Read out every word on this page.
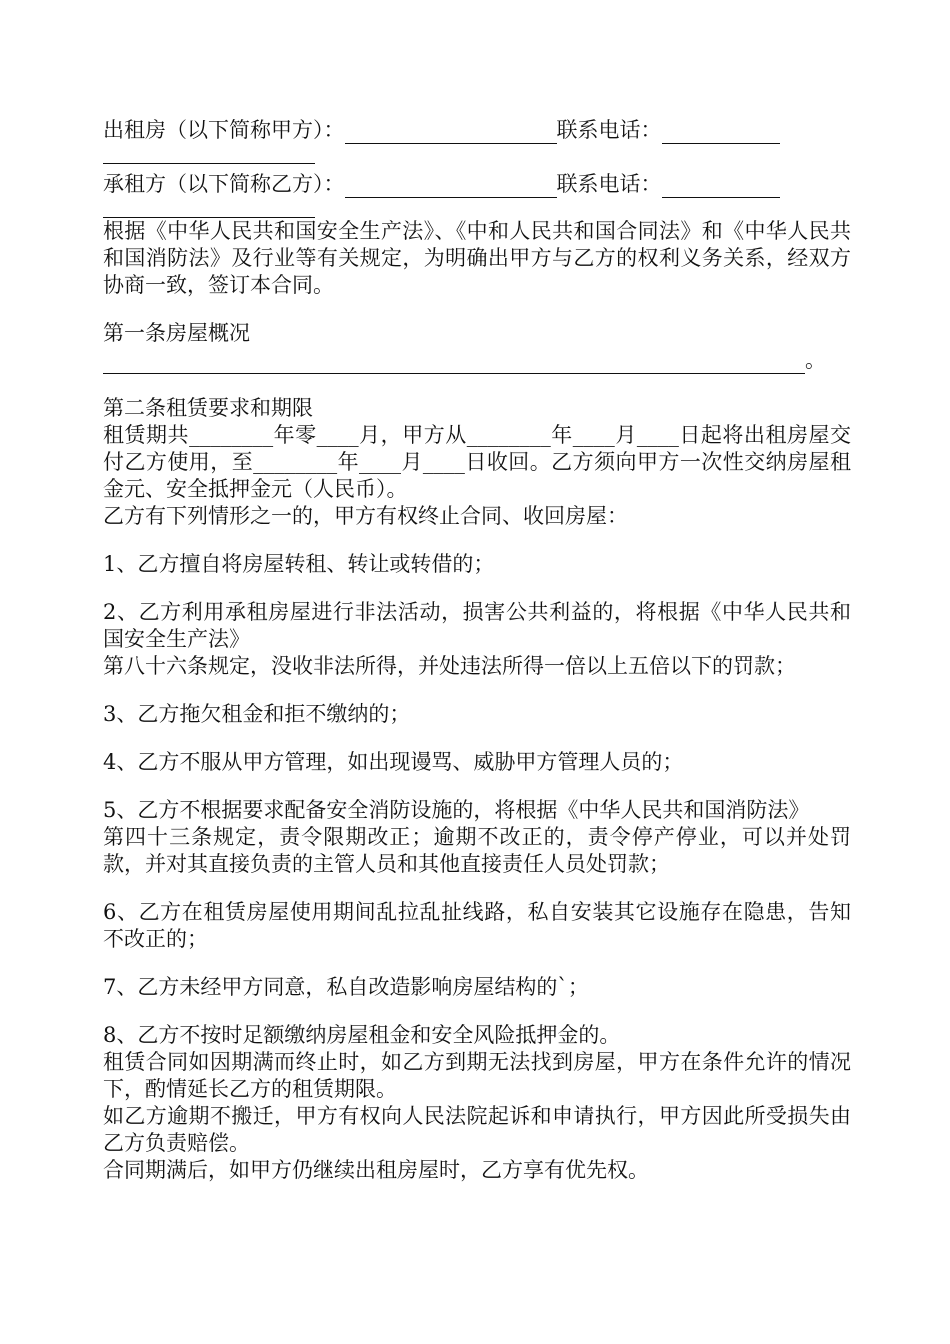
出租房（以下简称甲方）：	联系电话：
承租方（以下简称乙方）：	联系电话：

根据《中华人民共和国安全生产法》、《中和人民共和国合同法》和《中华人民共和国消防法》及行业等有关规定，为明确出甲方与乙方的权利义务关系，经双方协商一致，签订本合同。

第一条房屋概况

。

第二条租赁要求和期限

租赁期共________年零____月，甲方从________年____月____日起将出租房屋交付乙方使用，至________年____月____日收回。乙方须向甲方一次性交纳房屋租金元、安全抵押金元（人民币）。

乙方有下列情形之一的，甲方有权终止合同、收回房屋：

1、乙方擅自将房屋转租、转让或转借的；

2、乙方利用承租房屋进行非法活动，损害公共利益的，将根据《中华人民共和国安全生产法》

第八十六条规定，没收非法所得，并处违法所得一倍以上五倍以下的罚款；

3、乙方拖欠租金和拒不缴纳的；

4、乙方不服从甲方管理，如出现谩骂、威胁甲方管理人员的；

5、乙方不根据要求配备安全消防设施的，将根据《中华人民共和国消防法》

第四十三条规定，责令限期改正；逾期不改正的，责令停产停业，可以并处罚款，并对其直接负责的主管人员和其他直接责任人员处罚款；

6、乙方在租赁房屋使用期间乱拉乱扯线路，私自安装其它设施存在隐患，告知不改正的；

7、乙方未经甲方同意，私自改造影响房屋结构的`；

8、乙方不按时足额缴纳房屋租金和安全风险抵押金的。

租赁合同如因期满而终止时，如乙方到期无法找到房屋，甲方在条件允许的情况下，酌情延长乙方的租赁期限。

如乙方逾期不搬迁，甲方有权向人民法院起诉和申请执行，甲方因此所受损失由乙方负责赔偿。

合同期满后，如甲方仍继续出租房屋时，乙方享有优先权。
